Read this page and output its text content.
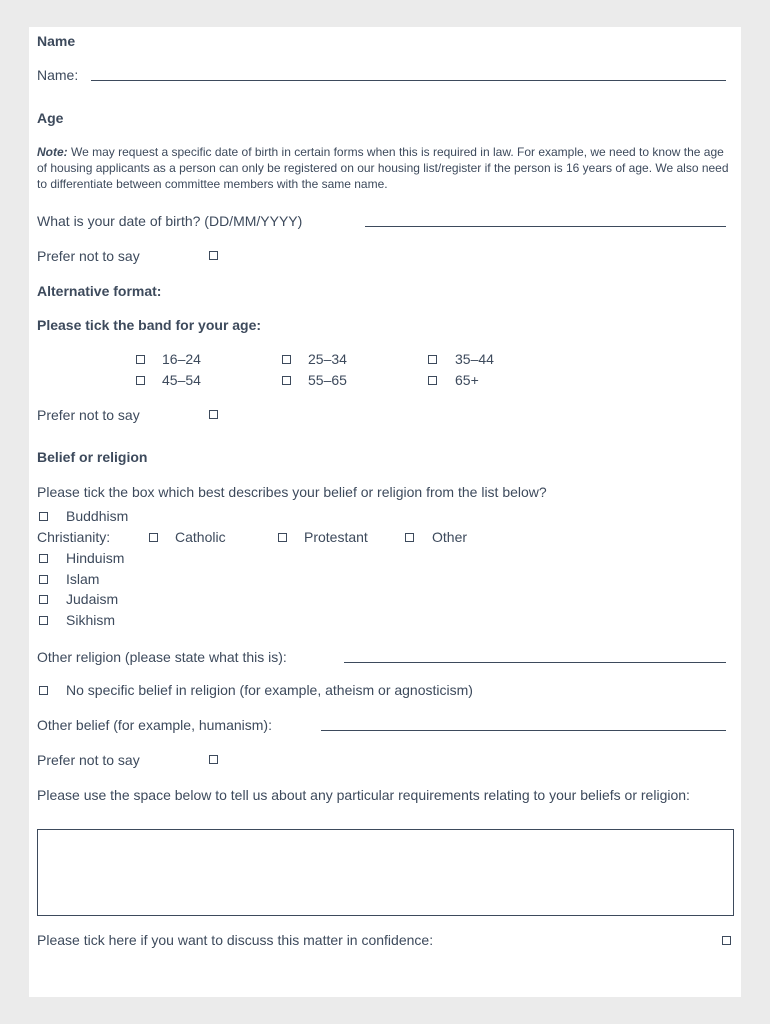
Name
Name:
Age
Note: We may request a specific date of birth in certain forms when this is required in law. For example, we need to know the age of housing applicants as a person can only be registered on our housing list/register if the person is 16 years of age. We also need to differentiate between committee members with the same name.
What is your date of birth? (DD/MM/YYYY)
Prefer not to say
Alternative format:
Please tick the band for your age:
16–24	25–34	35–44
45–54	55–65	65+
Prefer not to say
Belief or religion
Please tick the box which best describes your belief or religion from the list below?
Buddhism
Christianity:	Catholic	Protestant	Other
Hinduism
Islam
Judaism
Sikhism
Other religion (please state what this is):
No specific belief in religion (for example, atheism or agnosticism)
Other belief (for example, humanism):
Prefer not to say
Please use the space below to tell us about any particular requirements relating to your beliefs or religion:
Please tick here if you want to discuss this matter in confidence:
